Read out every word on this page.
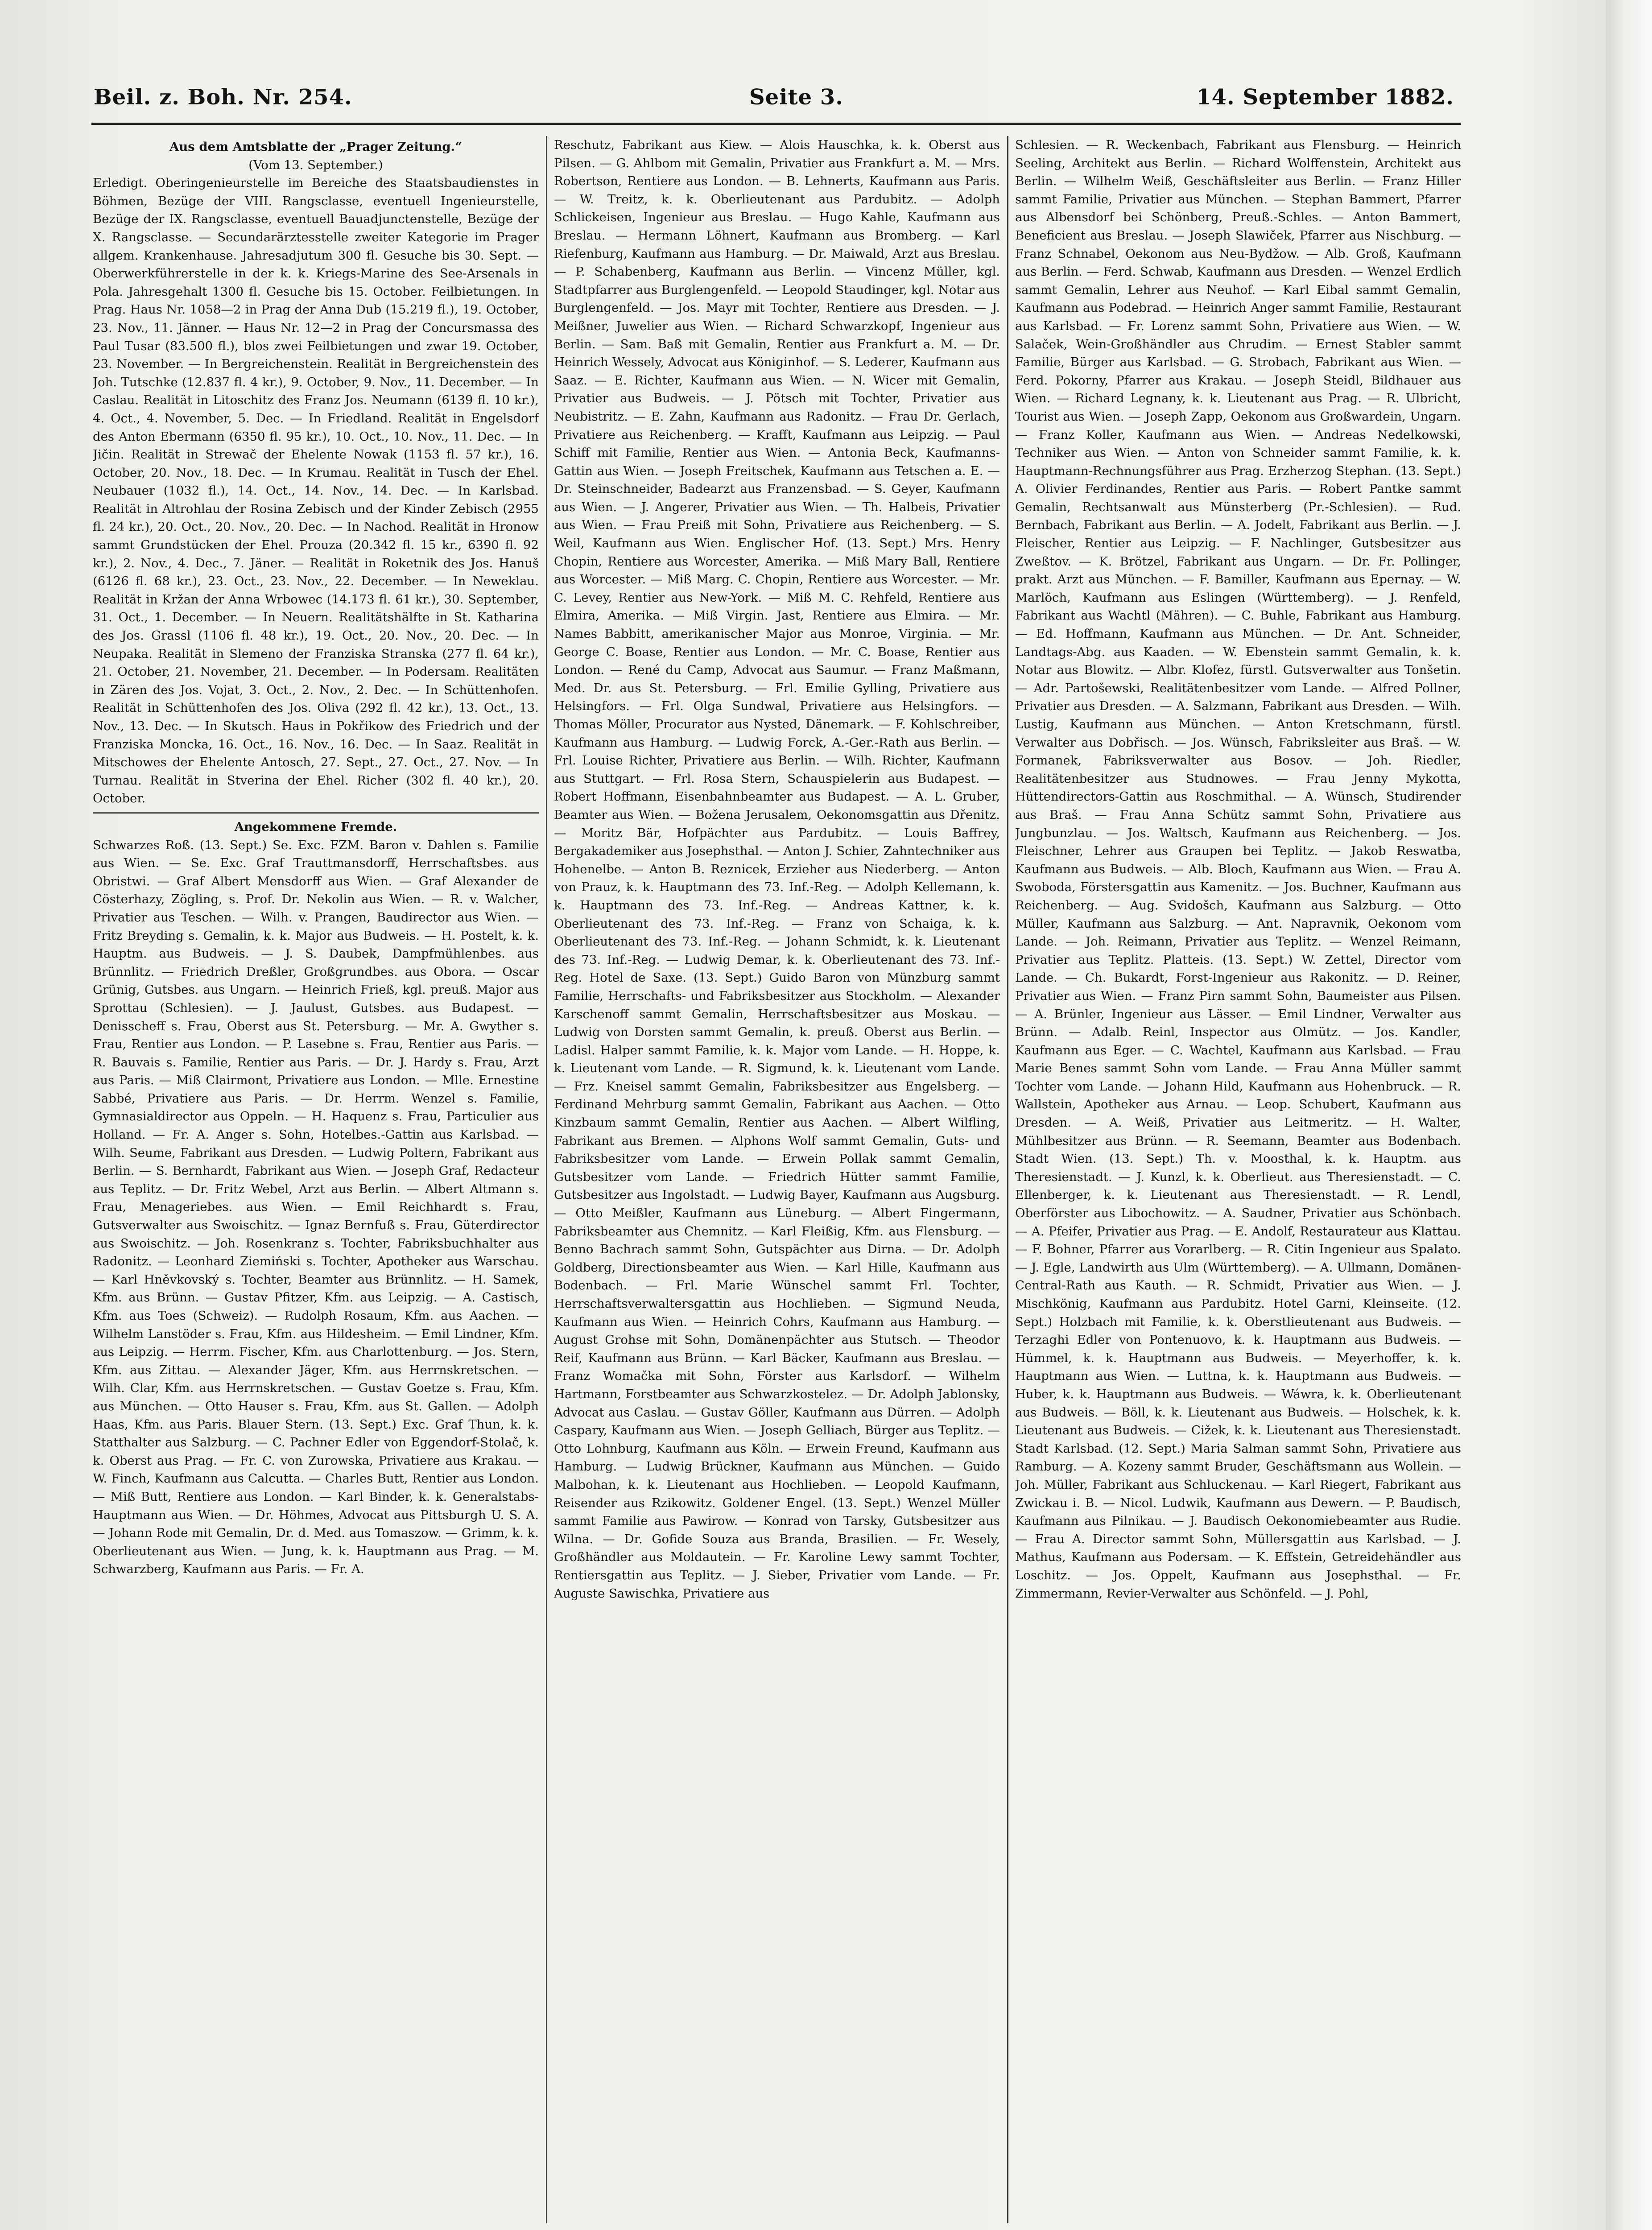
Beil. z. Boh. Nr. 254.	Seite 3.	14. September 1882.

Aus dem Amtsblatte der „Prager Zeitung.“

(Vom 13. September.)

Erledigt. Oberingenieurstelle im Bereiche des Staatsbaudienstes in Böhmen, Bezüge der VIII. Rangsclasse, eventuell Ingenieurstelle, Bezüge der IX. Rangsclasse, eventuell Bauadjunctenstelle, Bezüge der X. Rangsclasse. — Secundarärztesstelle zweiter Kategorie im Prager allgem. Krankenhause. Jahresadjutum 300 fl. Gesuche bis 30. Sept. — Oberwerkführerstelle in der k. k. Kriegs-Marine des See-Arsenals in Pola. Jahresgehalt 1300 fl. Gesuche bis 15. October. Feilbietungen. In Prag. Haus Nr. 1058—2 in Prag der Anna Dub (15.219 fl.), 19. October, 23. Nov., 11. Jänner. — Haus Nr. 12—2 in Prag der Concursmassa des Paul Tusar (83.500 fl.), blos zwei Feilbietungen und zwar 19. October, 23. November. — In Bergreichenstein. Realität in Bergreichenstein des Joh. Tutschke (12.837 fl. 4 kr.), 9. October, 9. Nov., 11. December. — In Caslau. Realität in Litoschitz des Franz Jos. Neumann (6139 fl. 10 kr.), 4. Oct., 4. November, 5. Dec. — In Friedland. Realität in Engelsdorf des Anton Ebermann (6350 fl. 95 kr.), 10. Oct., 10. Nov., 11. Dec. — In Jičin. Realität in Strewač der Ehelente Nowak (1153 fl. 57 kr.), 16. October, 20. Nov., 18. Dec. — In Krumau. Realität in Tusch der Ehel. Neubauer (1032 fl.), 14. Oct., 14. Nov., 14. Dec. — In Karlsbad. Realität in Altrohlau der Rosina Zebisch und der Kinder Zebisch (2955 fl. 24 kr.), 20. Oct., 20. Nov., 20. Dec. — In Nachod. Realität in Hronow sammt Grundstücken der Ehel. Prouza (20.342 fl. 15 kr., 6390 fl. 92 kr.), 2. Nov., 4. Dec., 7. Jäner. — Realität in Roketnik des Jos. Hanuš (6126 fl. 68 kr.), 23. Oct., 23. Nov., 22. December. — In Neweklau. Realität in Kržan der Anna Wrbowec (14.173 fl. 61 kr.), 30. September, 31. Oct., 1. December. — In Neuern. Realitätshälfte in St. Katharina des Jos. Grassl (1106 fl. 48 kr.), 19. Oct., 20. Nov., 20. Dec. — In Neupaka. Realität in Slemeno der Franziska Stranska (277 fl. 64 kr.), 21. October, 21. November, 21. December. — In Podersam. Realitäten in Zären des Jos. Vojat, 3. Oct., 2. Nov., 2. Dec. — In Schüttenhofen. Realität in Schüttenhofen des Jos. Oliva (292 fl. 42 kr.), 13. Oct., 13. Nov., 13. Dec. — In Skutsch. Haus in Pokřikow des Friedrich und der Franziska Moncka, 16. Oct., 16. Nov., 16. Dec. — In Saaz. Realität in Mitschowes der Ehelente Antosch, 27. Sept., 27. Oct., 27. Nov. — In Turnau. Realität in Stverina der Ehel. Richer (302 fl. 40 kr.), 20. October.

Angekommene Fremde.

Schwarzes Roß. (13. Sept.) Se. Exc. FZM. Baron v. Dahlen s. Familie aus Wien. — Se. Exc. Graf Trauttmansdorff, Herrschaftsbes. aus Obristwi. — Graf Albert Mensdorff aus Wien. — Graf Alexander de Cösterhazy, Zögling, s. Prof. Dr. Nekolin aus Wien. — R. v. Walcher, Privatier aus Teschen. — Wilh. v. Prangen, Baudirector aus Wien. — Fritz Breyding s. Gemalin, k. k. Major aus Budweis. — H. Postelt, k. k. Hauptm. aus Budweis. — J. S. Daubek, Dampfmühlenbes. aus Brünnlitz. — Friedrich Dreßler, Großgrundbes. aus Obora. — Oscar Grünig, Gutsbes. aus Ungarn. — Heinrich Frieß, kgl. preuß. Major aus Sprottau (Schlesien). — J. Jaulust, Gutsbes. aus Budapest. — Denisscheff s. Frau, Oberst aus St. Petersburg. — Mr. A. Gwyther s. Frau, Rentier aus London. — P. Lasebne s. Frau, Rentier aus Paris. — R. Bauvais s. Familie, Rentier aus Paris. — Dr. J. Hardy s. Frau, Arzt aus Paris. — Miß Clairmont, Privatiere aus London. — Mlle. Ernestine Sabbé, Privatiere aus Paris. — Dr. Herrm. Wenzel s. Familie, Gymnasialdirector aus Oppeln. — H. Haquenz s. Frau, Particulier aus Holland. — Fr. A. Anger s. Sohn, Hotelbes.-Gattin aus Karlsbad. — Wilh. Seume, Fabrikant aus Dresden. — Ludwig Poltern, Fabrikant aus Berlin. — S. Bernhardt, Fabrikant aus Wien. — Joseph Graf, Redacteur aus Teplitz. — Dr. Fritz Webel, Arzt aus Berlin. — Albert Altmann s. Frau, Menageriebes. aus Wien. — Emil Reichhardt s. Frau, Gutsverwalter aus Swoischitz. — Ignaz Bernfuß s. Frau, Güterdirector aus Swoischitz. — Joh. Rosenkranz s. Tochter, Fabriksbuchhalter aus Radonitz. — Leonhard Ziemiński s. Tochter, Apotheker aus Warschau. — Karl Hněvkovský s. Tochter, Beamter aus Brünnlitz. — H. Samek, Kfm. aus Brünn. — Gustav Pfitzer, Kfm. aus Leipzig. — A. Castisch, Kfm. aus Toes (Schweiz). — Rudolph Rosaum, Kfm. aus Aachen. — Wilhelm Lanstöder s. Frau, Kfm. aus Hildesheim. — Emil Lindner, Kfm. aus Leipzig. — Herrm. Fischer, Kfm. aus Charlottenburg. — Jos. Stern, Kfm. aus Zittau. — Alexander Jäger, Kfm. aus Herrnskretschen. — Wilh. Clar, Kfm. aus Herrnskretschen. — Gustav Goetze s. Frau, Kfm. aus München. — Otto Hauser s. Frau, Kfm. aus St. Gallen. — Adolph Haas, Kfm. aus Paris. Blauer Stern. (13. Sept.) Exc. Graf Thun, k. k. Statthalter aus Salzburg. — C. Pachner Edler von Eggendorf-Stolač, k. k. Oberst aus Prag. — Fr. C. von Zurowska, Privatiere aus Krakau. — W. Finch, Kaufmann aus Calcutta. — Charles Butt, Rentier aus London. — Miß Butt, Rentiere aus London. — Karl Binder, k. k. Generalstabs-Hauptmann aus Wien. — Dr. Höhmes, Advocat aus Pittsburgh U. S. A. — Johann Rode mit Gemalin, Dr. d. Med. aus Tomaszow. — Grimm, k. k. Oberlieutenant aus Wien. — Jung, k. k. Hauptmann aus Prag. — M. Schwarzberg, Kaufmann aus Paris. — Fr. A.

Reschutz, Fabrikant aus Kiew. — Alois Hauschka, k. k. Oberst aus Pilsen. — G. Ahlbom mit Gemalin, Privatier aus Frankfurt a. M. — Mrs. Robertson, Rentiere aus London. — B. Lehnerts, Kaufmann aus Paris. — W. Treitz, k. k. Oberlieutenant aus Pardubitz. — Adolph Schlickeisen, Ingenieur aus Breslau. — Hugo Kahle, Kaufmann aus Breslau. — Hermann Löhnert, Kaufmann aus Bromberg. — Karl Riefenburg, Kaufmann aus Hamburg. — Dr. Maiwald, Arzt aus Breslau. — P. Schabenberg, Kaufmann aus Berlin. — Vincenz Müller, kgl. Stadtpfarrer aus Burglengenfeld. — Leopold Staudinger, kgl. Notar aus Burglengenfeld. — Jos. Mayr mit Tochter, Rentiere aus Dresden. — J. Meißner, Juwelier aus Wien. — Richard Schwarzkopf, Ingenieur aus Berlin. — Sam. Baß mit Gemalin, Rentier aus Frankfurt a. M. — Dr. Heinrich Wessely, Advocat aus Königinhof. — S. Lederer, Kaufmann aus Saaz. — E. Richter, Kaufmann aus Wien. — N. Wicer mit Gemalin, Privatier aus Budweis. — J. Pötsch mit Tochter, Privatier aus Neubistritz. — E. Zahn, Kaufmann aus Radonitz. — Frau Dr. Gerlach, Privatiere aus Reichenberg. — Krafft, Kaufmann aus Leipzig. — Paul Schiff mit Familie, Rentier aus Wien. — Antonia Beck, Kaufmanns-Gattin aus Wien. — Joseph Freitschek, Kaufmann aus Tetschen a. E. — Dr. Steinschneider, Badearzt aus Franzensbad. — S. Geyer, Kaufmann aus Wien. — J. Angerer, Privatier aus Wien. — Th. Halbeis, Privatier aus Wien. — Frau Preiß mit Sohn, Privatiere aus Reichenberg. — S. Weil, Kaufmann aus Wien. Englischer Hof. (13. Sept.) Mrs. Henry Chopin, Rentiere aus Worcester, Amerika. — Miß Mary Ball, Rentiere aus Worcester. — Miß Marg. C. Chopin, Rentiere aus Worcester. — Mr. C. Levey, Rentier aus New-York. — Miß M. C. Rehfeld, Rentiere aus Elmira, Amerika. — Miß Virgin. Jast, Rentiere aus Elmira. — Mr. Names Babbitt, amerikanischer Major aus Monroe, Virginia. — Mr. George C. Boase, Rentier aus London. — Mr. C. Boase, Rentier aus London. — René du Camp, Advocat aus Saumur. — Franz Maßmann, Med. Dr. aus St. Petersburg. — Frl. Emilie Gylling, Privatiere aus Helsingfors. — Frl. Olga Sundwal, Privatiere aus Helsingfors. — Thomas Möller, Procurator aus Nysted, Dänemark. — F. Kohlschreiber, Kaufmann aus Hamburg. — Ludwig Forck, A.-Ger.-Rath aus Berlin. — Frl. Louise Richter, Privatiere aus Berlin. — Wilh. Richter, Kaufmann aus Stuttgart. — Frl. Rosa Stern, Schauspielerin aus Budapest. — Robert Hoffmann, Eisenbahnbeamter aus Budapest. — A. L. Gruber, Beamter aus Wien. — Božena Jerusalem, Oekonomsgattin aus Dřenitz. — Moritz Bär, Hofpächter aus Pardubitz. — Louis Baffrey, Bergakademiker aus Josephsthal. — Anton J. Schier, Zahntechniker aus Hohenelbe. — Anton B. Reznicek, Erzieher aus Niederberg. — Anton von Prauz, k. k. Hauptmann des 73. Inf.-Reg. — Adolph Kellemann, k. k. Hauptmann des 73. Inf.-Reg. — Andreas Kattner, k. k. Oberlieutenant des 73. Inf.-Reg. — Franz von Schaiga, k. k. Oberlieutenant des 73. Inf.-Reg. — Johann Schmidt, k. k. Lieutenant des 73. Inf.-Reg. — Ludwig Demar, k. k. Oberlieutenant des 73. Inf.-Reg. Hotel de Saxe. (13. Sept.) Guido Baron von Münzburg sammt Familie, Herrschafts- und Fabriksbesitzer aus Stockholm. — Alexander Karschenoff sammt Gemalin, Herrschaftsbesitzer aus Moskau. — Ludwig von Dorsten sammt Gemalin, k. preuß. Oberst aus Berlin. — Ladisl. Halper sammt Familie, k. k. Major vom Lande. — H. Hoppe, k. k. Lieutenant vom Lande. — R. Sigmund, k. k. Lieutenant vom Lande. — Frz. Kneisel sammt Gemalin, Fabriksbesitzer aus Engelsberg. — Ferdinand Mehrburg sammt Gemalin, Fabrikant aus Aachen. — Otto Kinzbaum sammt Gemalin, Rentier aus Aachen. — Albert Wilfling, Fabrikant aus Bremen. — Alphons Wolf sammt Gemalin, Guts- und Fabriksbesitzer vom Lande. — Erwein Pollak sammt Gemalin, Gutsbesitzer vom Lande. — Friedrich Hütter sammt Familie, Gutsbesitzer aus Ingolstadt. — Ludwig Bayer, Kaufmann aus Augsburg. — Otto Meißler, Kaufmann aus Lüneburg. — Albert Fingermann, Fabriksbeamter aus Chemnitz. — Karl Fleißig, Kfm. aus Flensburg. — Benno Bachrach sammt Sohn, Gutspächter aus Dirna. — Dr. Adolph Goldberg, Directionsbeamter aus Wien. — Karl Hille, Kaufmann aus Bodenbach. — Frl. Marie Wünschel sammt Frl. Tochter, Herrschaftsverwaltersgattin aus Hochlieben. — Sigmund Neuda, Kaufmann aus Wien. — Heinrich Cohrs, Kaufmann aus Hamburg. — August Grohse mit Sohn, Domänenpächter aus Stutsch. — Theodor Reif, Kaufmann aus Brünn. — Karl Bäcker, Kaufmann aus Breslau. — Franz Womačka mit Sohn, Förster aus Karlsdorf. — Wilhelm Hartmann, Forstbeamter aus Schwarzkostelez. — Dr. Adolph Jablonsky, Advocat aus Caslau. — Gustav Göller, Kaufmann aus Dürren. — Adolph Caspary, Kaufmann aus Wien. — Joseph Gelliach, Bürger aus Teplitz. — Otto Lohnburg, Kaufmann aus Köln. — Erwein Freund, Kaufmann aus Hamburg. — Ludwig Brückner, Kaufmann aus München. — Guido Malbohan, k. k. Lieutenant aus Hochlieben. — Leopold Kaufmann, Reisender aus Rzikowitz. Goldener Engel. (13. Sept.) Wenzel Müller sammt Familie aus Pawirow. — Konrad von Tarsky, Gutsbesitzer aus Wilna. — Dr. Gofide Souza aus Branda, Brasilien. — Fr. Wesely, Großhändler aus Moldautein. — Fr. Karoline Lewy sammt Tochter, Rentiersgattin aus Teplitz. — J. Sieber, Privatier vom Lande. — Fr. Auguste Sawischka, Privatiere aus

Schlesien. — R. Weckenbach, Fabrikant aus Flensburg. — Heinrich Seeling, Architekt aus Berlin. — Richard Wolffenstein, Architekt aus Berlin. — Wilhelm Weiß, Geschäftsleiter aus Berlin. — Franz Hiller sammt Familie, Privatier aus München. — Stephan Bammert, Pfarrer aus Albensdorf bei Schönberg, Preuß.-Schles. — Anton Bammert, Beneficient aus Breslau. — Joseph Slawiček, Pfarrer aus Nischburg. — Franz Schnabel, Oekonom aus Neu-Bydžow. — Alb. Groß, Kaufmann aus Berlin. — Ferd. Schwab, Kaufmann aus Dresden. — Wenzel Erdlich sammt Gemalin, Lehrer aus Neuhof. — Karl Eibal sammt Gemalin, Kaufmann aus Podebrad. — Heinrich Anger sammt Familie, Restaurant aus Karlsbad. — Fr. Lorenz sammt Sohn, Privatiere aus Wien. — W. Salaček, Wein-Großhändler aus Chrudim. — Ernest Stabler sammt Familie, Bürger aus Karlsbad. — G. Strobach, Fabrikant aus Wien. — Ferd. Pokorny, Pfarrer aus Krakau. — Joseph Steidl, Bildhauer aus Wien. — Richard Legnany, k. k. Lieutenant aus Prag. — R. Ulbricht, Tourist aus Wien. — Joseph Zapp, Oekonom aus Großwardein, Ungarn. — Franz Koller, Kaufmann aus Wien. — Andreas Nedelkowski, Techniker aus Wien. — Anton von Schneider sammt Familie, k. k. Hauptmann-Rechnungsführer aus Prag. Erzherzog Stephan. (13. Sept.) A. Olivier Ferdinandes, Rentier aus Paris. — Robert Pantke sammt Gemalin, Rechtsanwalt aus Münsterberg (Pr.-Schlesien). — Rud. Bernbach, Fabrikant aus Berlin. — A. Jodelt, Fabrikant aus Berlin. — J. Fleischer, Rentier aus Leipzig. — F. Nachlinger, Gutsbesitzer aus Zweßtov. — K. Brötzel, Fabrikant aus Ungarn. — Dr. Fr. Pollinger, prakt. Arzt aus München. — F. Bamiller, Kaufmann aus Epernay. — W. Marlöch, Kaufmann aus Eslingen (Württemberg). — J. Renfeld, Fabrikant aus Wachtl (Mähren). — C. Buhle, Fabrikant aus Hamburg. — Ed. Hoffmann, Kaufmann aus München. — Dr. Ant. Schneider, Landtags-Abg. aus Kaaden. — W. Ebenstein sammt Gemalin, k. k. Notar aus Blowitz. — Albr. Klofez, fürstl. Gutsverwalter aus Tonšetin. — Adr. Partošewski, Realitätenbesitzer vom Lande. — Alfred Pollner, Privatier aus Dresden. — A. Salzmann, Fabrikant aus Dresden. — Wilh. Lustig, Kaufmann aus München. — Anton Kretschmann, fürstl. Verwalter aus Dobřisch. — Jos. Wünsch, Fabriksleiter aus Braš. — W. Formanek, Fabriksverwalter aus Bosov. — Joh. Riedler, Realitätenbesitzer aus Studnowes. — Frau Jenny Mykotta, Hüttendirectors-Gattin aus Roschmithal. — A. Wünsch, Studirender aus Braš. — Frau Anna Schütz sammt Sohn, Privatiere aus Jungbunzlau. — Jos. Waltsch, Kaufmann aus Reichenberg. — Jos. Fleischner, Lehrer aus Graupen bei Teplitz. — Jakob Reswatba, Kaufmann aus Budweis. — Alb. Bloch, Kaufmann aus Wien. — Frau A. Swoboda, Förstersgattin aus Kamenitz. — Jos. Buchner, Kaufmann aus Reichenberg. — Aug. Svidošch, Kaufmann aus Salzburg. — Otto Müller, Kaufmann aus Salzburg. — Ant. Napravnik, Oekonom vom Lande. — Joh. Reimann, Privatier aus Teplitz. — Wenzel Reimann, Privatier aus Teplitz. Platteis. (13. Sept.) W. Zettel, Director vom Lande. — Ch. Bukardt, Forst-Ingenieur aus Rakonitz. — D. Reiner, Privatier aus Wien. — Franz Pirn sammt Sohn, Baumeister aus Pilsen. — A. Brünler, Ingenieur aus Lässer. — Emil Lindner, Verwalter aus Brünn. — Adalb. Reinl, Inspector aus Olmütz. — Jos. Kandler, Kaufmann aus Eger. — C. Wachtel, Kaufmann aus Karlsbad. — Frau Marie Benes sammt Sohn vom Lande. — Frau Anna Müller sammt Tochter vom Lande. — Johann Hild, Kaufmann aus Hohenbruck. — R. Wallstein, Apotheker aus Arnau. — Leop. Schubert, Kaufmann aus Dresden. — A. Weiß, Privatier aus Leitmeritz. — H. Walter, Mühlbesitzer aus Brünn. — R. Seemann, Beamter aus Bodenbach. Stadt Wien. (13. Sept.) Th. v. Moosthal, k. k. Hauptm. aus Theresienstadt. — J. Kunzl, k. k. Oberlieut. aus Theresienstadt. — C. Ellenberger, k. k. Lieutenant aus Theresienstadt. — R. Lendl, Oberförster aus Libochowitz. — A. Saudner, Privatier aus Schönbach. — A. Pfeifer, Privatier aus Prag. — E. Andolf, Restaurateur aus Klattau. — F. Bohner, Pfarrer aus Vorarlberg. — R. Citin Ingenieur aus Spalato. — J. Egle, Landwirth aus Ulm (Württemberg). — A. Ullmann, Domänen-Central-Rath aus Kauth. — R. Schmidt, Privatier aus Wien. — J. Mischkönig, Kaufmann aus Pardubitz. Hotel Garni, Kleinseite. (12. Sept.) Holzbach mit Familie, k. k. Oberstlieutenant aus Budweis. — Terzaghi Edler von Pontenuovo, k. k. Hauptmann aus Budweis. — Hümmel, k. k. Hauptmann aus Budweis. — Meyerhoffer, k. k. Hauptmann aus Wien. — Luttna, k. k. Hauptmann aus Budweis. — Huber, k. k. Hauptmann aus Budweis. — Wáwra, k. k. Oberlieutenant aus Budweis. — Böll, k. k. Lieutenant aus Budweis. — Holschek, k. k. Lieutenant aus Budweis. — Cižek, k. k. Lieutenant aus Theresienstadt. Stadt Karlsbad. (12. Sept.) Maria Salman sammt Sohn, Privatiere aus Ramburg. — A. Kozeny sammt Bruder, Geschäftsmann aus Wollein. — Joh. Müller, Fabrikant aus Schluckenau. — Karl Riegert, Fabrikant aus Zwickau i. B. — Nicol. Ludwik, Kaufmann aus Dewern. — P. Baudisch, Kaufmann aus Pilnikau. — J. Baudisch Oekonomiebeamter aus Rudie. — Frau A. Director sammt Sohn, Müllersgattin aus Karlsbad. — J. Mathus, Kaufmann aus Podersam. — K. Effstein, Getreidehändler aus Loschitz. — Jos. Oppelt, Kaufmann aus Josephsthal. — Fr. Zimmermann, Revier-Verwalter aus Schönfeld. — J. Pohl,
